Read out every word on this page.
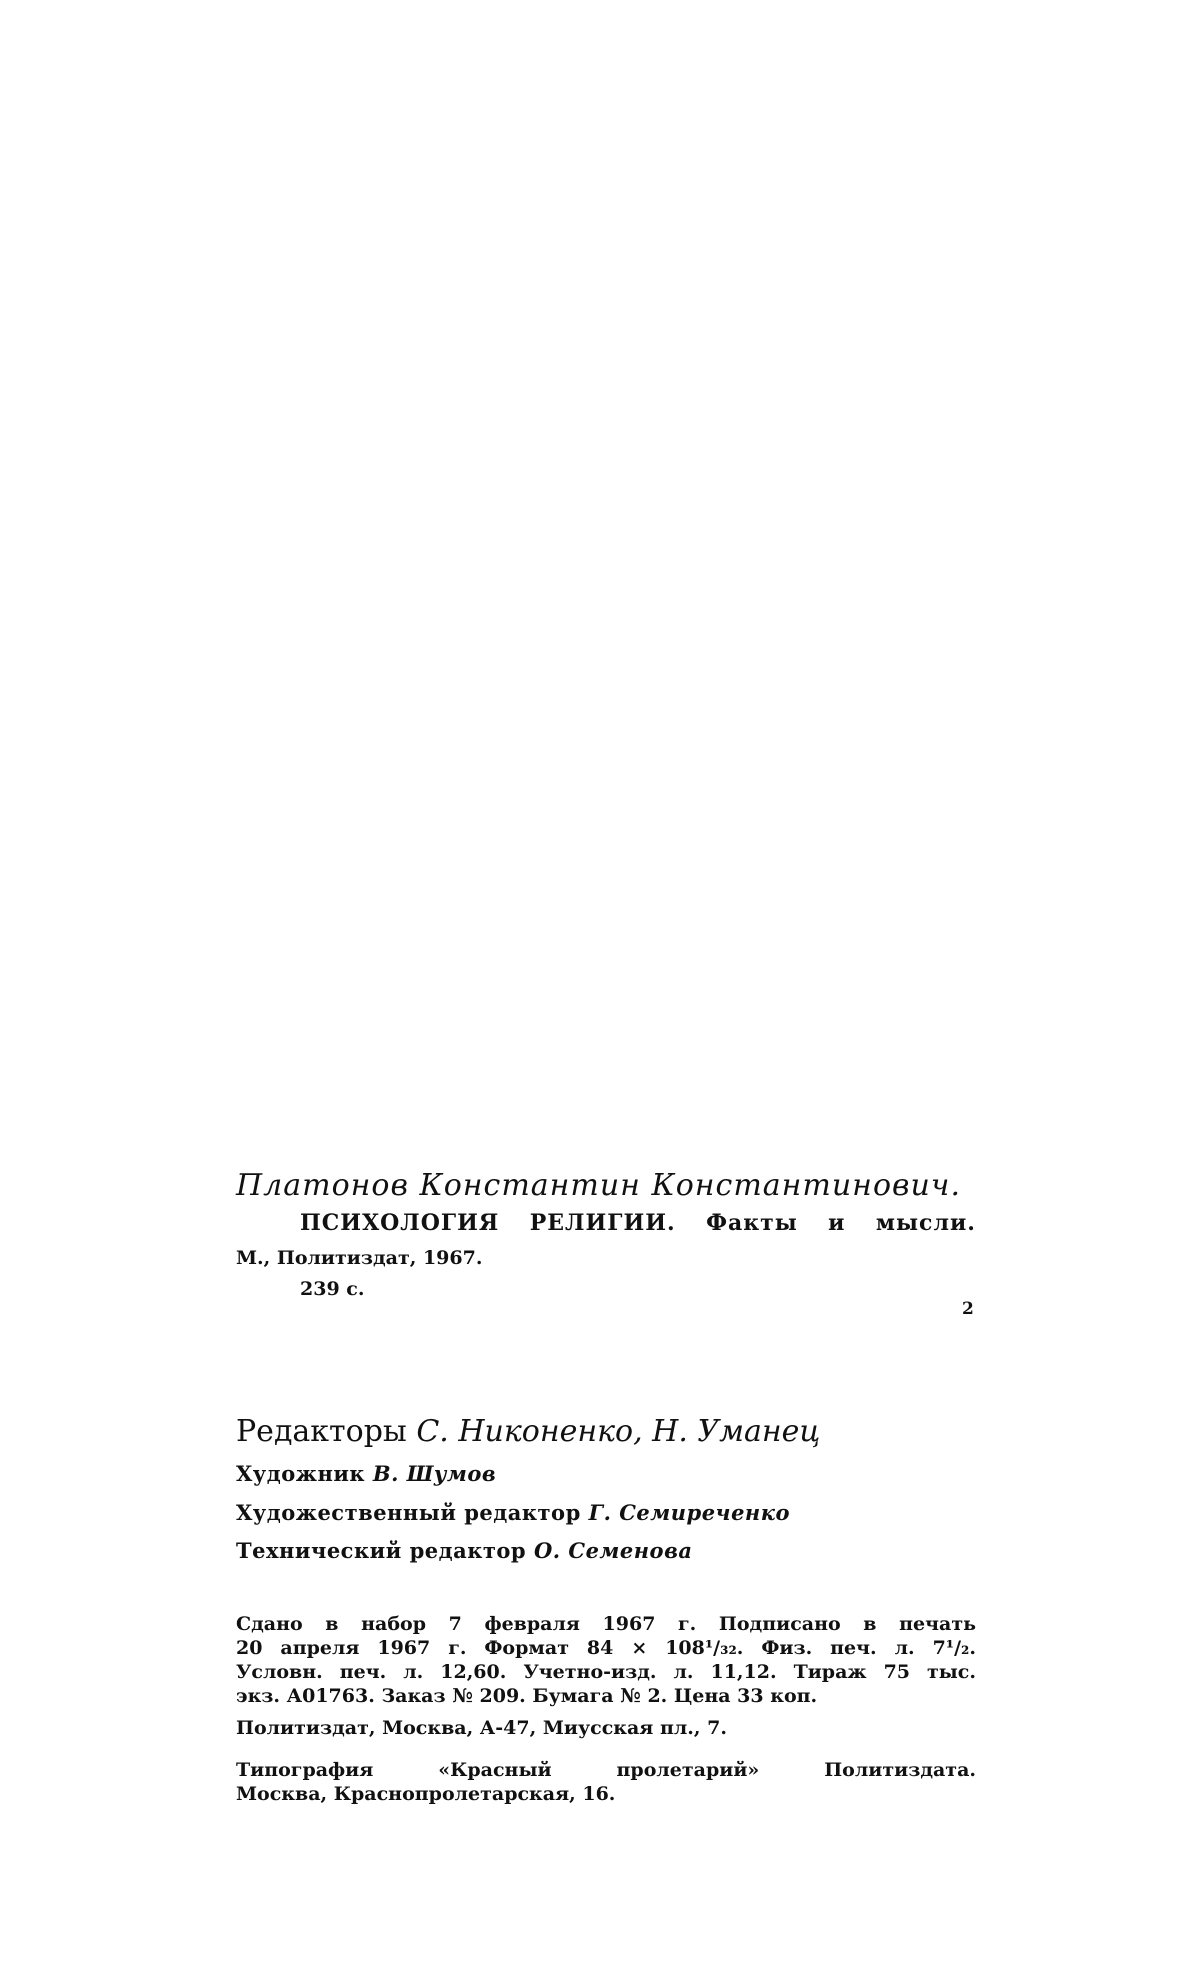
Платонов Константин Константинович.
ПСИХОЛОГИЯ РЕЛИГИИ. Факты и мысли.
М., Политиздат, 1967.
239 с.
2
Редакторы С. Никоненко, Н. Уманец
Художник В. Шумов
Художественный редактор Г. Семиреченко
Технический редактор О. Семенова
Сдано в набор 7 февраля 1967 г. Подписано в печать
20 апреля 1967 г. Формат 84 × 108¹/₃₂. Физ. печ. л. 7¹/₂.
Условн. печ. л. 12,60. Учетно-изд. л. 11,12. Тираж 75 тыс.
экз. А01763. Заказ № 209. Бумага № 2. Цена 33 коп.
Политиздат, Москва, А-47, Миусская пл., 7.
Типография «Красный пролетарий» Политиздата.
Москва, Краснопролетарская, 16.
